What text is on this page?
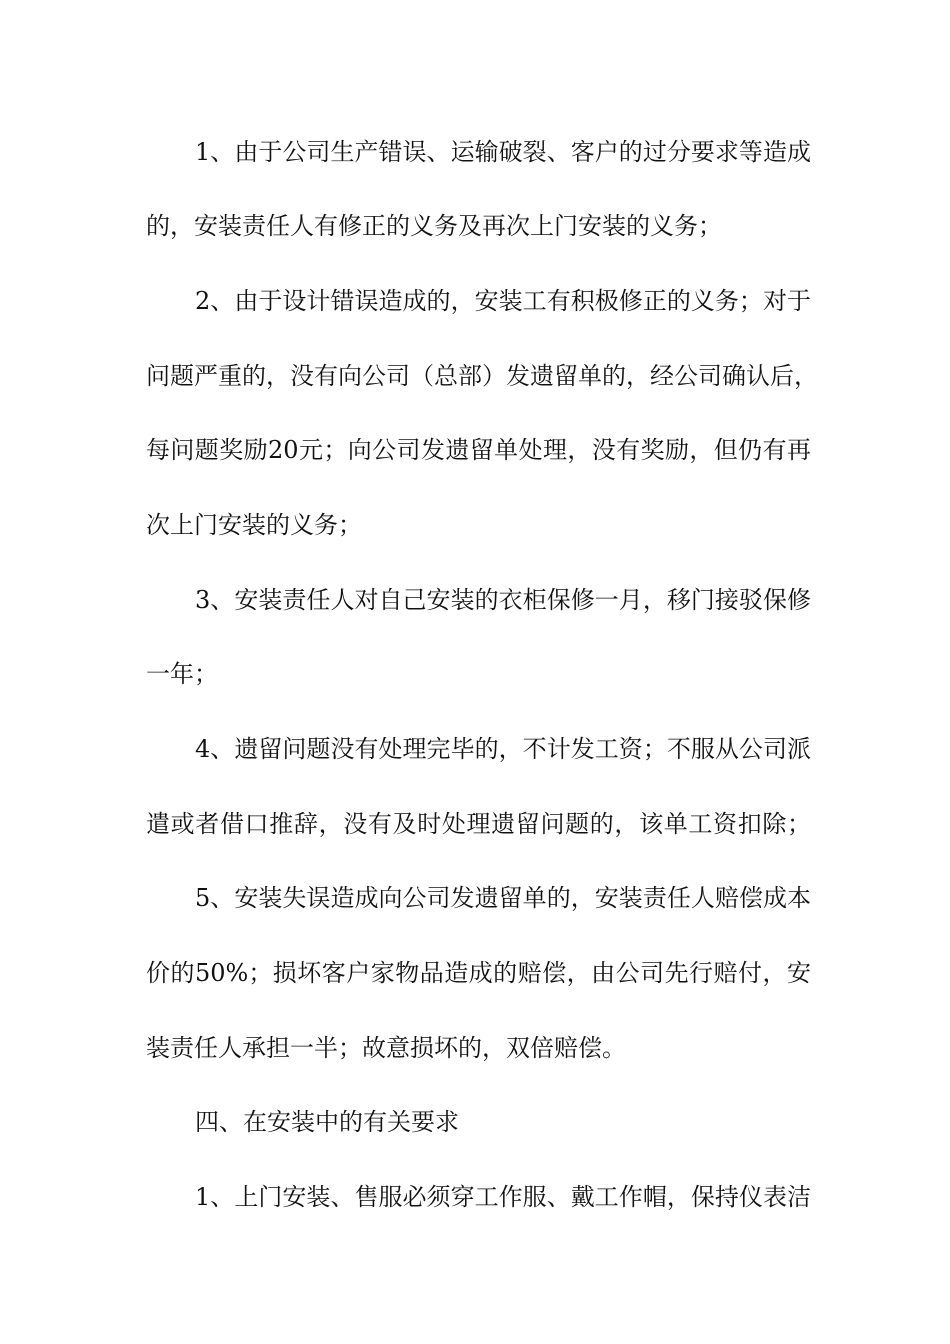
1、由于公司生产错误、运输破裂、客户的过分要求等造成
的，安装责任人有修正的义务及再次上门安装的义务；
2、由于设计错误造成的，安装工有积极修正的义务；对于
问题严重的，没有向公司（总部）发遗留单的，经公司确认后，
每问题奖励20元；向公司发遗留单处理，没有奖励，但仍有再
次上门安装的义务；
3、安装责任人对自己安装的衣柜保修一月，移门接驳保修
一年；
4、遗留问题没有处理完毕的，不计发工资；不服从公司派
遣或者借口推辞，没有及时处理遗留问题的，该单工资扣除；
5、安装失误造成向公司发遗留单的，安装责任人赔偿成本
价的50%；损坏客户家物品造成的赔偿，由公司先行赔付，安
装责任人承担一半；故意损坏的，双倍赔偿。
四、在安装中的有关要求
1、上门安装、售服必须穿工作服、戴工作帽，保持仪表洁
